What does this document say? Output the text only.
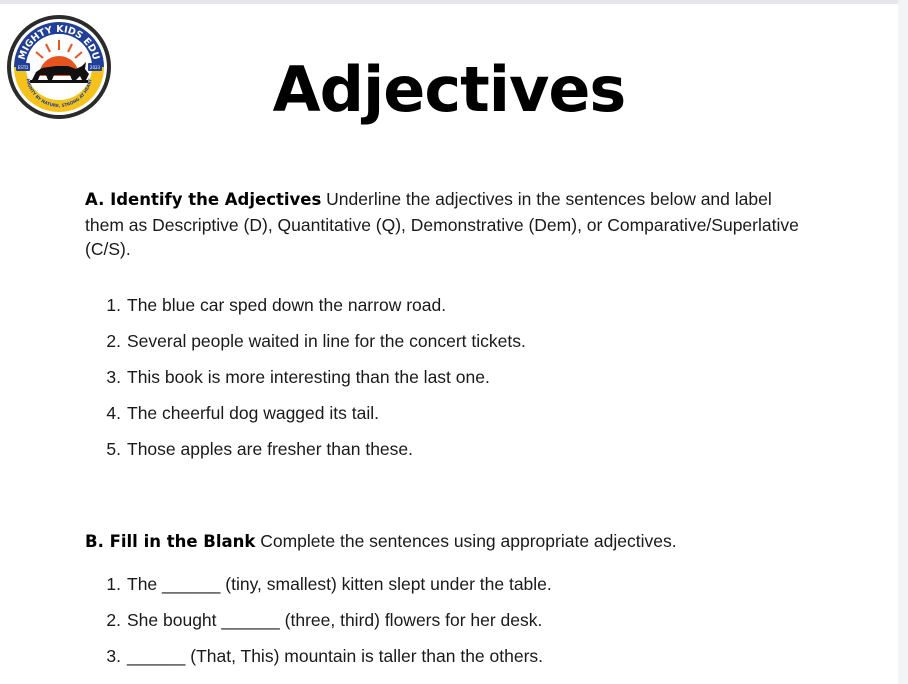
ESTD	2023
MIGHTY KIDS EDU
MIGHTY BY NATURE, STRONG AT HEART	Adjectives
A. Identify the Adjectives Underline the adjectives in the sentences below and label them as Descriptive (D), Quantitative (Q), Demonstrative (Dem), or Comparative/Superlative (C/S).
1. The blue car sped down the narrow road.
2. Several people waited in line for the concert tickets.
3. This book is more interesting than the last one.
4. The cheerful dog wagged its tail.
5. Those apples are fresher than these.
B. Fill in the Blank Complete the sentences using appropriate adjectives.
1. The ______ (tiny, smallest) kitten slept under the table.
2. She bought ______ (three, third) flowers for her desk.
3. ______ (That, This) mountain is taller than the others.
